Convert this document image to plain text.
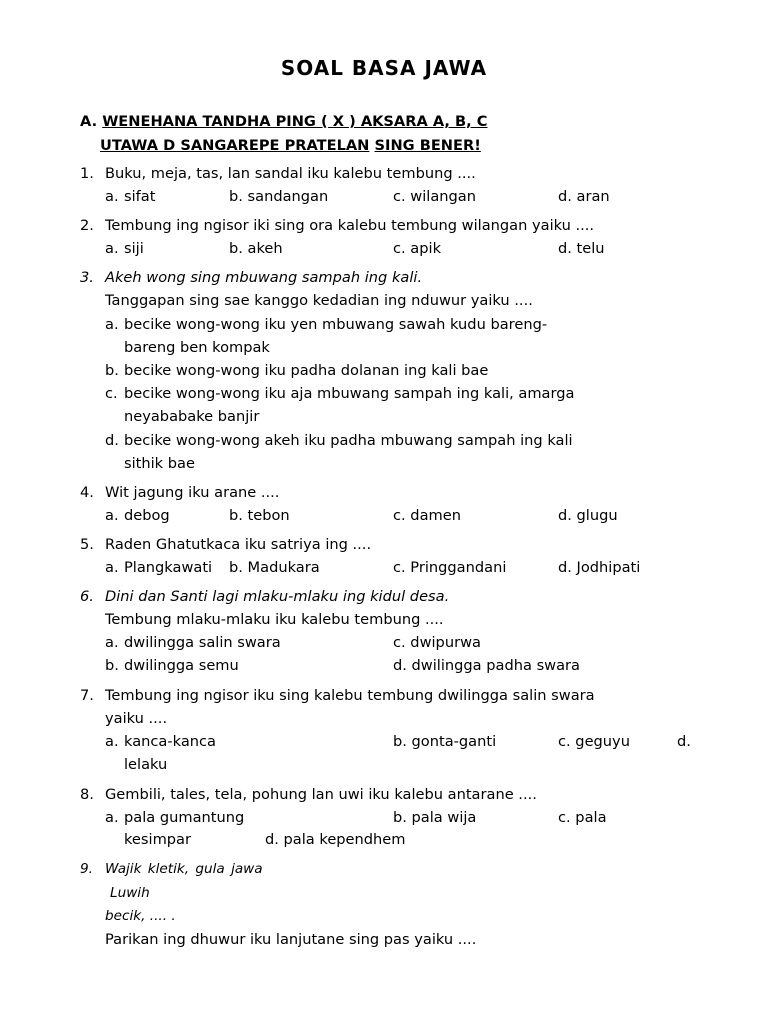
SOAL BASA JAWA
A. WENEHANA TANDHA PING ( X ) AKSARA A, B, C
UTAWA D SANGAREPE PRATELAN SING BENER!
1. Buku, meja, tas, lan sandal iku kalebu tembung ....
a. sifat	b. sandangan	c. wilangan	d. aran
2. Tembung ing ngisor iki sing ora kalebu tembung wilangan yaiku ....
a. siji	b. akeh	c. apik	d. telu
3. Akeh wong sing mbuwang sampah ing kali.
Tanggapan sing sae kanggo kedadian ing nduwur yaiku ....
a. becike wong-wong iku yen mbuwang sawah kudu bareng-
bareng ben kompak
b. becike wong-wong iku padha dolanan ing kali bae
c. becike wong-wong iku aja mbuwang sampah ing kali, amarga
neyababake banjir
d. becike wong-wong akeh iku padha mbuwang sampah ing kali
sithik bae
4. Wit jagung iku arane ....
a. debog	b. tebon	c. damen	d. glugu
5. Raden Ghatutkaca iku satriya ing ....
a. Plangkawati b. Madukara	c. Pringgandani	d. Jodhipati
6. Dini dan Santi lagi mlaku-mlaku ing kidul desa.
Tembung mlaku-mlaku iku kalebu tembung ....
a. dwilingga salin swara	c. dwipurwa
b. dwilingga semu	d. dwilingga padha swara
7. Tembung ing ngisor iku sing kalebu tembung dwilingga salin swara
yaiku ....
a. kanca-kanca	b. gonta-ganti	c. geguyu	d.
lelaku
8. Gembili, tales, tela, pohung lan uwi iku kalebu antarane ....
a. pala gumantung	b. pala wija	c. pala
kesimpar	d. pala kependhem
9. Wajik kletik, gula jawa
Luwih
becik, .... .
Parikan ing dhuwur iku lanjutane sing pas yaiku ....
